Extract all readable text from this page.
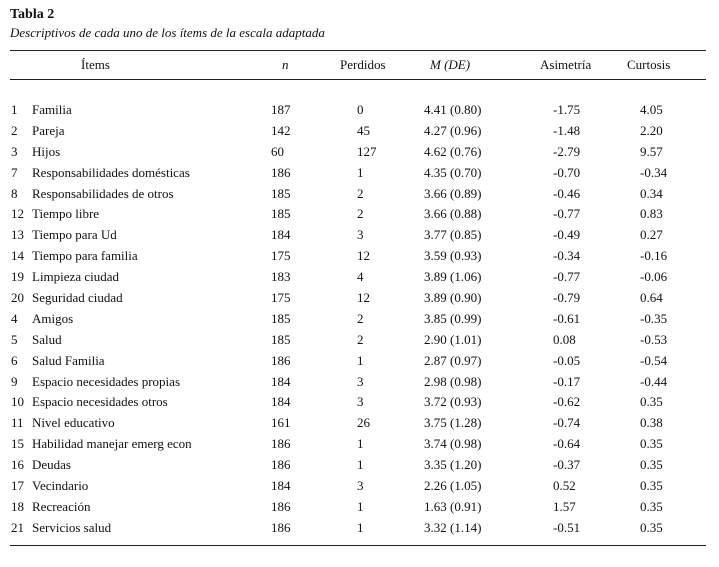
Tabla 2
Descriptivos de cada uno de los ítems de la escala adaptada
Ítems	n	Perdidos	M (DE)	Asimetría	Curtosis
1 Familia	187	0	4.41 (0.80)	-1.75	4.05
2 Pareja	142	45	4.27 (0.96)	-1.48	2.20
3 Hijos	60	127	4.62 (0.76)	-2.79	9.57
7 Responsabilidades domésticas	186	1	4.35 (0.70)	-0.70	-0.34
8 Responsabilidades de otros	185	2	3.66 (0.89)	-0.46	0.34
12 Tiempo libre	185	2	3.66 (0.88)	-0.77	0.83
13 Tiempo para Ud	184	3	3.77 (0.85)	-0.49	0.27
14 Tiempo para familia	175	12	3.59 (0.93)	-0.34	-0.16
19 Limpieza ciudad	183	4	3.89 (1.06)	-0.77	-0.06
20 Seguridad ciudad	175	12	3.89 (0.90)	-0.79	0.64
4 Amigos	185	2	3.85 (0.99)	-0.61	-0.35
5 Salud	185	2	2.90 (1.01)	0.08	-0.53
6 Salud Familia	186	1	2.87 (0.97)	-0.05	-0.54
9 Espacio necesidades propias	184	3	2.98 (0.98)	-0.17	-0.44
10 Espacio necesidades otros	184	3	3.72 (0.93)	-0.62	0.35
11 Nivel educativo	161	26	3.75 (1.28)	-0.74	0.38
15 Habilidad manejar emerg econ	186	1	3.74 (0.98)	-0.64	0.35
16 Deudas	186	1	3.35 (1.20)	-0.37	0.35
17 Vecindario	184	3	2.26 (1.05)	0.52	0.35
18 Recreación	186	1	1.63 (0.91)	1.57	0.35
21 Servicios salud	186	1	3.32 (1.14)	-0.51	0.35
